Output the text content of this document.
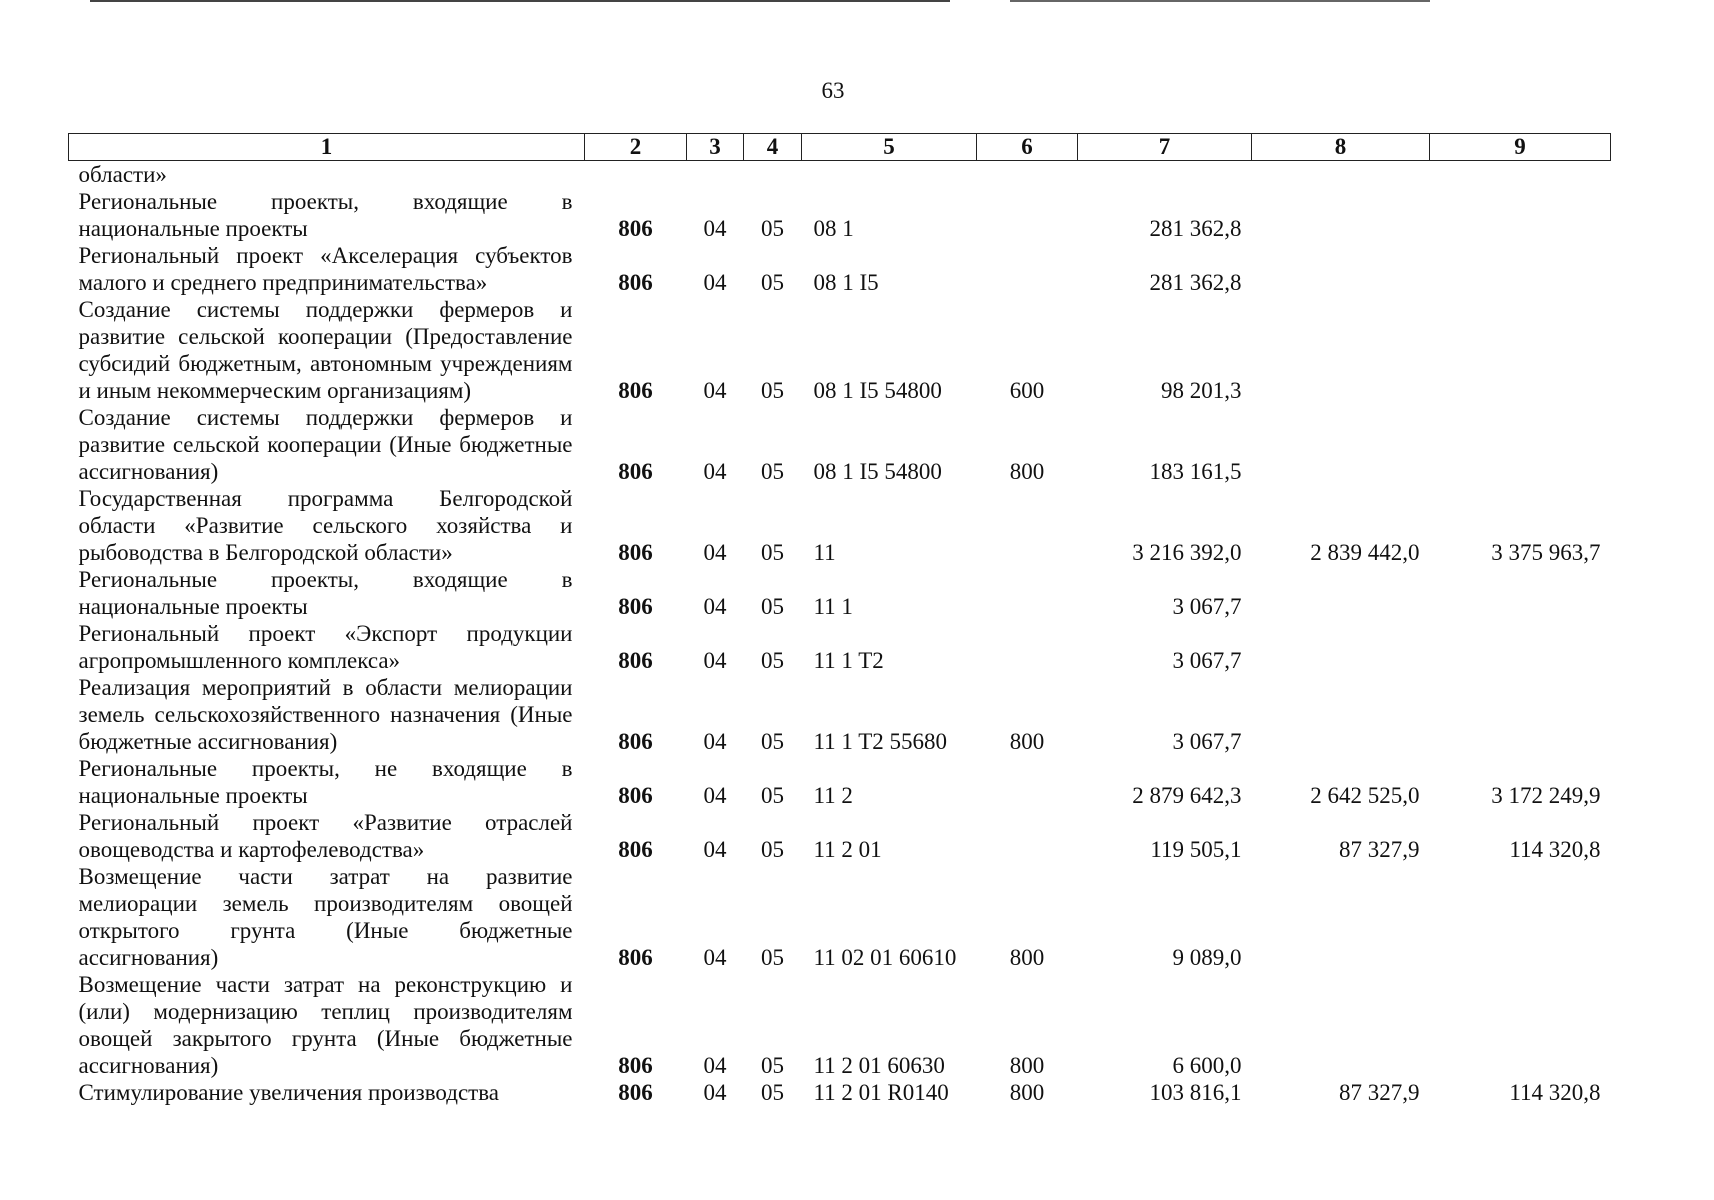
63
1	2	3	4	5	6	7	8	9
области»								
Региональные проекты, входящие в национальные проекты	806	04	05	08 1		281 362,8		
Региональный проект «Акселерация субъектов малого и среднего предпринимательства»	806	04	05	08 1 I5		281 362,8		
Создание системы поддержки фермеров и развитие сельской кооперации (Предоставление субсидий бюджетным, автономным учреждениям и иным некоммерческим организациям)	806	04	05	08 1 I5 54800	600	98 201,3		
Создание системы поддержки фермеров и развитие сельской кооперации (Иные бюджетные ассигнования)	806	04	05	08 1 I5 54800	800	183 161,5		
Государственная программа Белгородской области «Развитие сельского хозяйства и рыбоводства в Белгородской области»	806	04	05	11		3 216 392,0	2 839 442,0	3 375 963,7
Региональные проекты, входящие в национальные проекты	806	04	05	11 1		3 067,7		
Региональный проект «Экспорт продукции агропромышленного комплекса»	806	04	05	11 1 T2		3 067,7		
Реализация мероприятий в области мелиорации земель сельскохозяйственного назначения (Иные бюджетные ассигнования)	806	04	05	11 1 T2 55680	800	3 067,7		
Региональные проекты, не входящие в национальные проекты	806	04	05	11 2		2 879 642,3	2 642 525,0	3 172 249,9
Региональный проект «Развитие отраслей овощеводства и картофелеводства»	806	04	05	11 2 01		119 505,1	87 327,9	114 320,8
Возмещение части затрат на развитие мелиорации земель производителям овощей открытого грунта (Иные бюджетные ассигнования)	806	04	05	11 02 01 60610	800	9 089,0		
Возмещение части затрат на реконструкцию и (или) модернизацию теплиц производителям овощей закрытого грунта (Иные бюджетные ассигнования)	806	04	05	11 2 01 60630	800	6 600,0		
Стимулирование увеличения производства	806	04	05	11 2 01 R0140	800	103 816,1	87 327,9	114 320,8
